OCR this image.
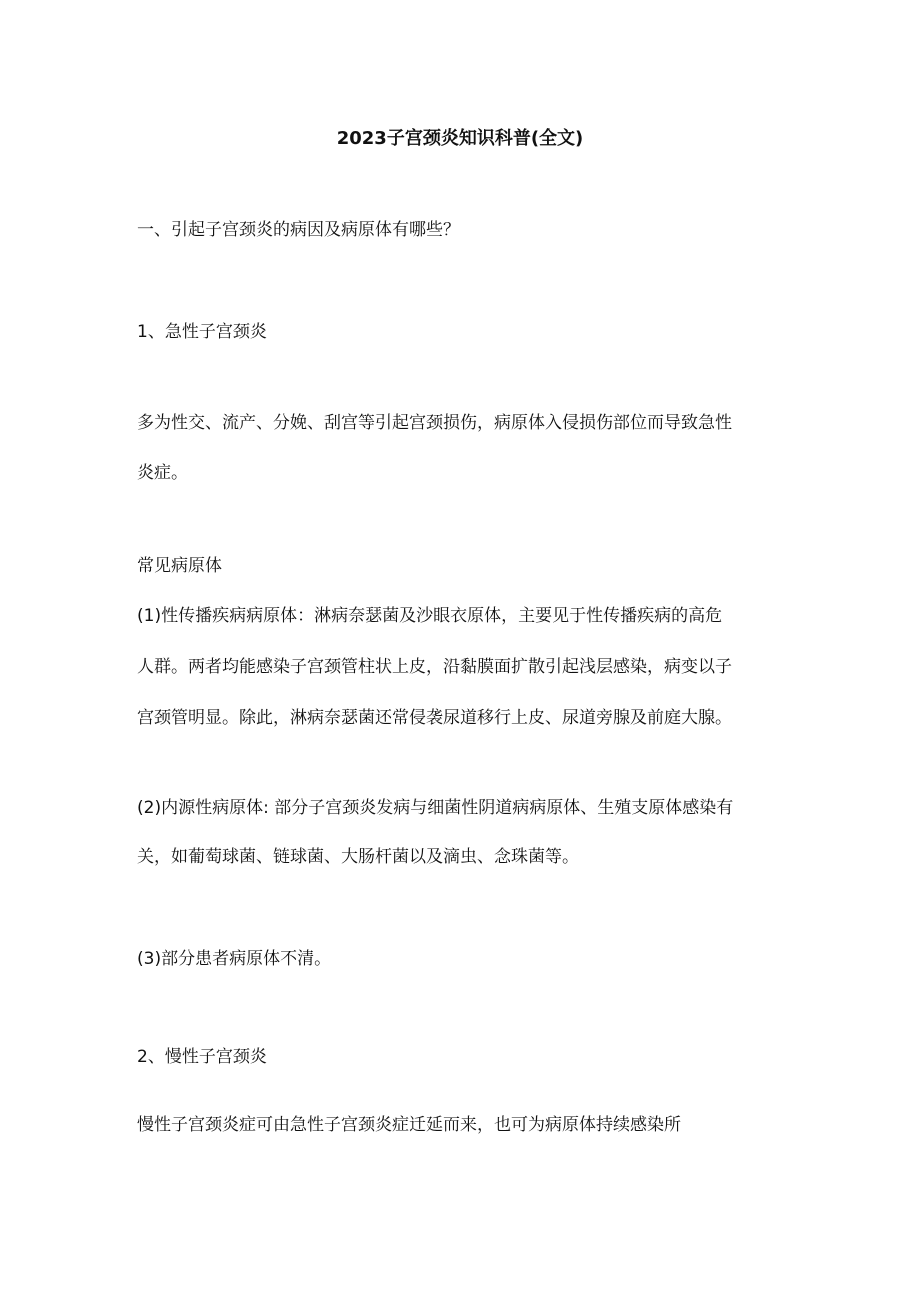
2023子宫颈炎知识科普(全文)
一、引起子宫颈炎的病因及病原体有哪些？
1、急性子宫颈炎
多为性交、流产、分娩、刮宫等引起宫颈损伤，病原体入侵损伤部位而导致急性
炎症。
常见病原体
(1)性传播疾病病原体：淋病奈瑟菌及沙眼衣原体，主要见于性传播疾病的高危
人群。两者均能感染子宫颈管柱状上皮，沿黏膜面扩散引起浅层感染，病变以子
宫颈管明显。除此，淋病奈瑟菌还常侵袭尿道移行上皮、尿道旁腺及前庭大腺。
(2)内源性病原体: 部分子宫颈炎发病与细菌性阴道病病原体、生殖支原体感染有
关，如葡萄球菌、链球菌、大肠杆菌以及滴虫、念珠菌等。
(3)部分患者病原体不清。
2、慢性子宫颈炎
慢性子宫颈炎症可由急性子宫颈炎症迁延而来，也可为病原体持续感染所
